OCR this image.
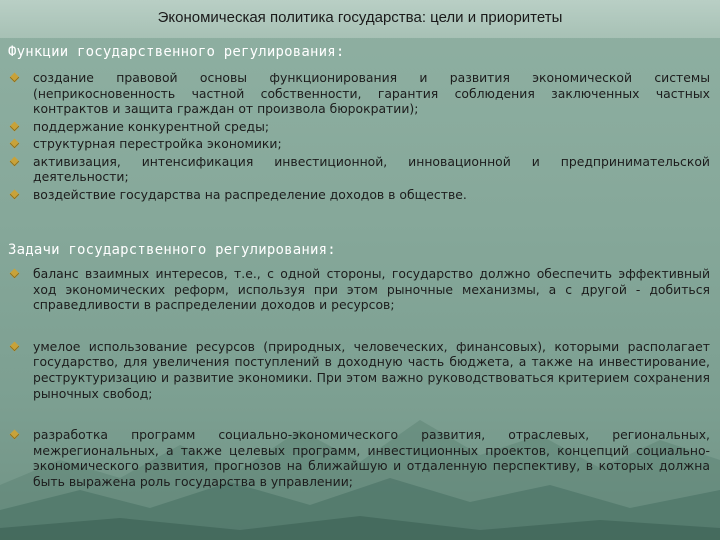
Экономическая политика государства: цели и приоритеты
Функции государственного регулирования:
создание правовой основы функционирования и развития экономической системы (неприкосновенность частной собственности, гарантия соблюдения заключенных частных контрактов и защита граждан от произвола бюрократии);
поддержание конкурентной среды;
структурная перестройка экономики;
активизация, интенсификация инвестиционной, инновационной и предпринимательской деятельности;
воздействие государства на распределение доходов в обществе.
Задачи государственного регулирования:
баланс взаимных интересов, т.е., с одной стороны, государство должно обеспечить эффективный ход экономических реформ, используя при этом рыночные механизмы, а с другой - добиться справедливости в распределении доходов и ресурсов;
умелое использование ресурсов (природных, человеческих, финансовых), которыми располагает государство, для увеличения поступлений в доходную часть бюджета, а также на инвестирование, реструктуризацию и развитие экономики. При этом важно руководствоваться критерием сохранения рыночных свобод;
разработка программ социально-экономического развития, отраслевых, региональных, межрегиональных, а также целевых программ, инвестиционных проектов, концепций социально-экономического развития, прогнозов на ближайшую и отдаленную перспективу, в которых должна быть выражена роль государства в управлении;
